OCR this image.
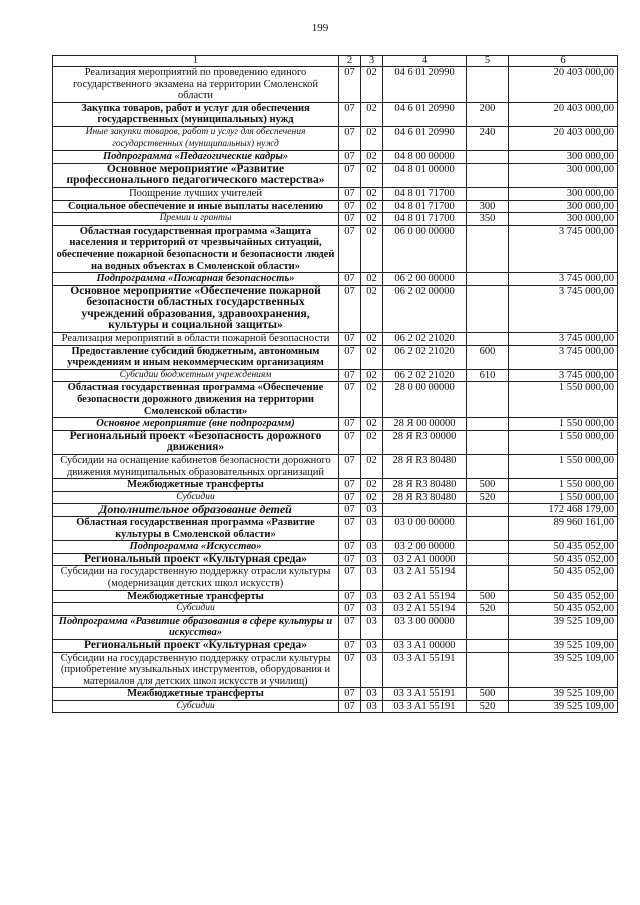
199
1	2	3	4	5	6
Реализация мероприятий по проведению единого государственного экзамена на территории Смоленской области	07	02	04 6 01 20990		20 403 000,00
Закупка товаров, работ и услуг для обеспечения государственных (муниципальных) нужд	07	02	04 6 01 20990	200	20 403 000,00
Иные закупки товаров, работ и услуг для обеспечения государственных (муниципальных) нужд	07	02	04 6 01 20990	240	20 403 000,00
Подпрограмма «Педагогические кадры»	07	02	04 8 00 00000		300 000,00
Основное мероприятие «Развитие профессионального педагогического мастерства»	07	02	04 8 01 00000		300 000,00
Поощрение лучших учителей	07	02	04 8 01 71700		300 000,00
Социальное обеспечение и иные выплаты населению	07	02	04 8 01 71700	300	300 000,00
Премии и гранты	07	02	04 8 01 71700	350	300 000,00
Областная государственная программа «Защита населения и территорий от чрезвычайных ситуаций, обеспечение пожарной безопасности и безопасности людей на водных объектах в Смоленской области»	07	02	06 0 00 00000		3 745 000,00
Подпрограмма «Пожарная безопасность»	07	02	06 2 00 00000		3 745 000,00
Основное мероприятие «Обеспечение пожарной безопасности областных государственных учреждений образования, здравоохранения, культуры и социальной защиты»	07	02	06 2 02 00000		3 745 000,00
Реализация мероприятий в области пожарной безопасности	07	02	06 2 02 21020		3 745 000,00
Предоставление субсидий бюджетным, автономным учреждениям и иным некоммерческим организациям	07	02	06 2 02 21020	600	3 745 000,00
Субсидии бюджетным учреждениям	07	02	06 2 02 21020	610	3 745 000,00
Областная государственная программа «Обеспечение безопасности дорожного движения на территории Смоленской области»	07	02	28 0 00 00000		1 550 000,00
Основное мероприятие (вне подпрограмм)	07	02	28 Я 00 00000		1 550 000,00
Региональный проект «Безопасность дорожного движения»	07	02	28 Я R3 00000		1 550 000,00
Субсидии на оснащение кабинетов безопасности дорожного движения муниципальных образовательных организаций	07	02	28 Я R3 80480		1 550 000,00
Межбюджетные трансферты	07	02	28 Я R3 80480	500	1 550 000,00
Субсидии	07	02	28 Я R3 80480	520	1 550 000,00
Дополнительное образование детей	07	03			172 468 179,00
Областная государственная программа «Развитие культуры в Смоленской области»	07	03	03 0 00 00000		89 960 161,00
Подпрограмма «Искусство»	07	03	03 2 00 00000		50 435 052,00
Региональный проект «Культурная среда»	07	03	03 2 A1 00000		50 435 052,00
Субсидии на государственную поддержку отрасли культуры (модернизация детских школ искусств)	07	03	03 2 A1 55194		50 435 052,00
Межбюджетные трансферты	07	03	03 2 A1 55194	500	50 435 052,00
Субсидии	07	03	03 2 A1 55194	520	50 435 052,00
Подпрограмма «Развитие образования в сфере культуры и искусства»	07	03	03 3 00 00000		39 525 109,00
Региональный проект «Культурная среда»	07	03	03 3 A1 00000		39 525 109,00
Субсидии на государственную поддержку отрасли культуры (приобретение музыкальных инструментов, оборудования и материалов для детских школ искусств и училищ)	07	03	03 3 A1 55191		39 525 109,00
Межбюджетные трансферты	07	03	03 3 A1 55191	500	39 525 109,00
Субсидии	07	03	03 3 A1 55191	520	39 525 109,00
